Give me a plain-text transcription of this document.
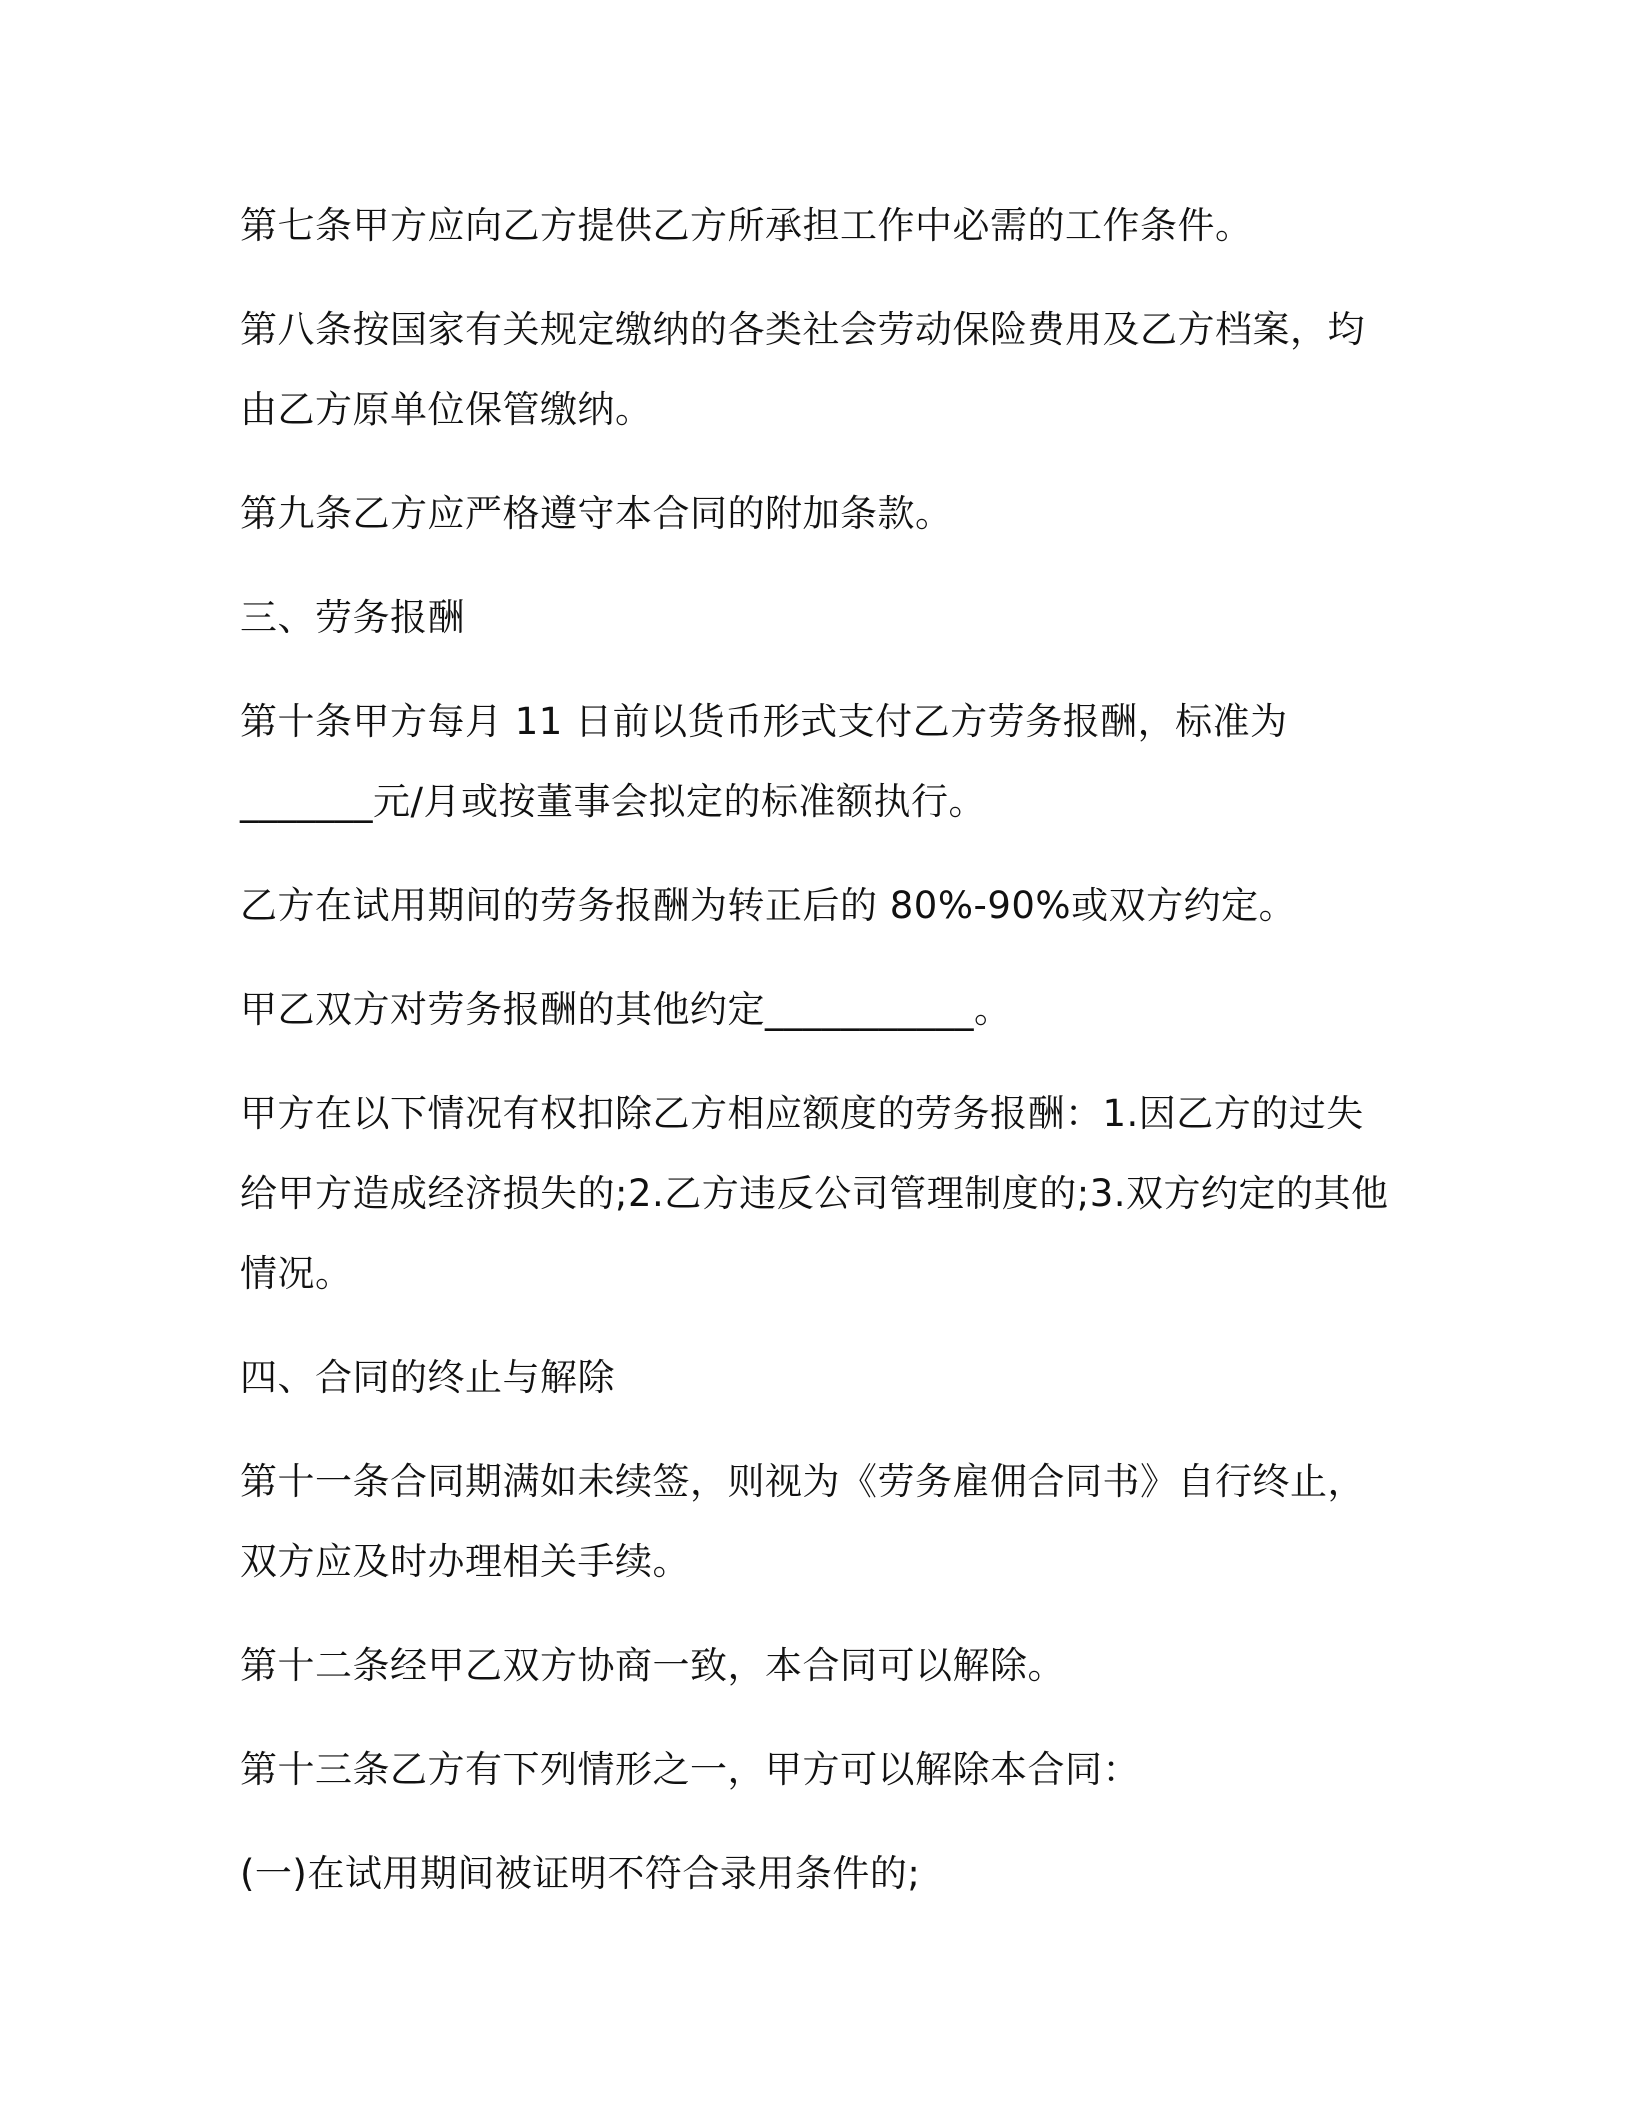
第七条甲方应向乙方提供乙方所承担工作中必需的工作条件。

第八条按国家有关规定缴纳的各类社会劳动保险费用及乙方档案，均
由乙方原单位保管缴纳。

第九条乙方应严格遵守本合同的附加条款。

三、劳务报酬

第十条甲方每月 11 日前以货币形式支付乙方劳务报酬，标准为
_______元/月或按董事会拟定的标准额执行。

乙方在试用期间的劳务报酬为转正后的 80%-90%或双方约定。

甲乙双方对劳务报酬的其他约定___________。

甲方在以下情况有权扣除乙方相应额度的劳务报酬：1.因乙方的过失
给甲方造成经济损失的;2.乙方违反公司管理制度的;3.双方约定的其他
情况。

四、合同的终止与解除

第十一条合同期满如未续签，则视为《劳务雇佣合同书》自行终止，
双方应及时办理相关手续。

第十二条经甲乙双方协商一致，本合同可以解除。

第十三条乙方有下列情形之一，甲方可以解除本合同：

(一)在试用期间被证明不符合录用条件的;
